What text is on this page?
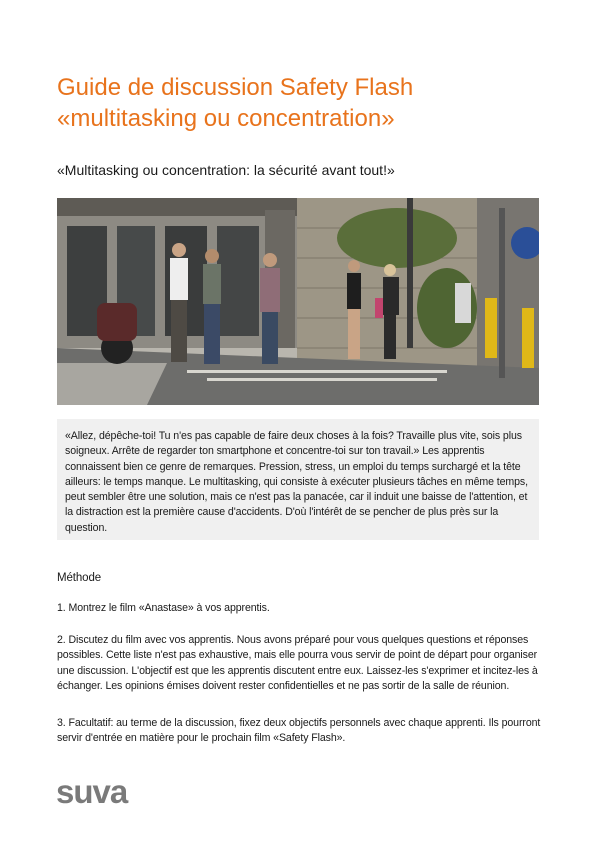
Guide de discussion Safety Flash
«multitasking ou concentration»
«Multitasking ou concentration: la sécurité avant tout!»

«Allez, dépêche-toi! Tu n'es pas capable de faire deux choses à la fois? Travaille plus vite, sois plus soigneux. Arrête de regarder ton smartphone et concentre-toi sur ton travail.» Les apprentis connaissent bien ce genre de remarques. Pression, stress, un emploi du temps surchargé et la tête ailleurs: le temps manque. Le multitasking, qui consiste à exécuter plusieurs tâches en même temps, peut sembler être une solution, mais ce n'est pas la panacée, car il induit une baisse de l'attention, et la distraction est la première cause d'accidents. D'où l'intérêt de se pencher de plus près sur la question.

Méthode

1. Montrez le film «Anastase» à vos apprentis.

2. Discutez du film avec vos apprentis. Nous avons préparé pour vous quelques questions et réponses possibles. Cette liste n'est pas exhaustive, mais elle pourra vous servir de point de départ pour organiser une discussion. L'objectif est que les apprentis discutent entre eux. Laissez-les s'exprimer et incitez-les à échanger. Les opinions émises doivent rester confidentielles et ne pas sortir de la salle de réunion.

3. Facultatif: au terme de la discussion, fixez deux objectifs personnels avec chaque apprenti. Ils pourront servir d'entrée en matière pour le prochain film «Safety Flash».

suva
